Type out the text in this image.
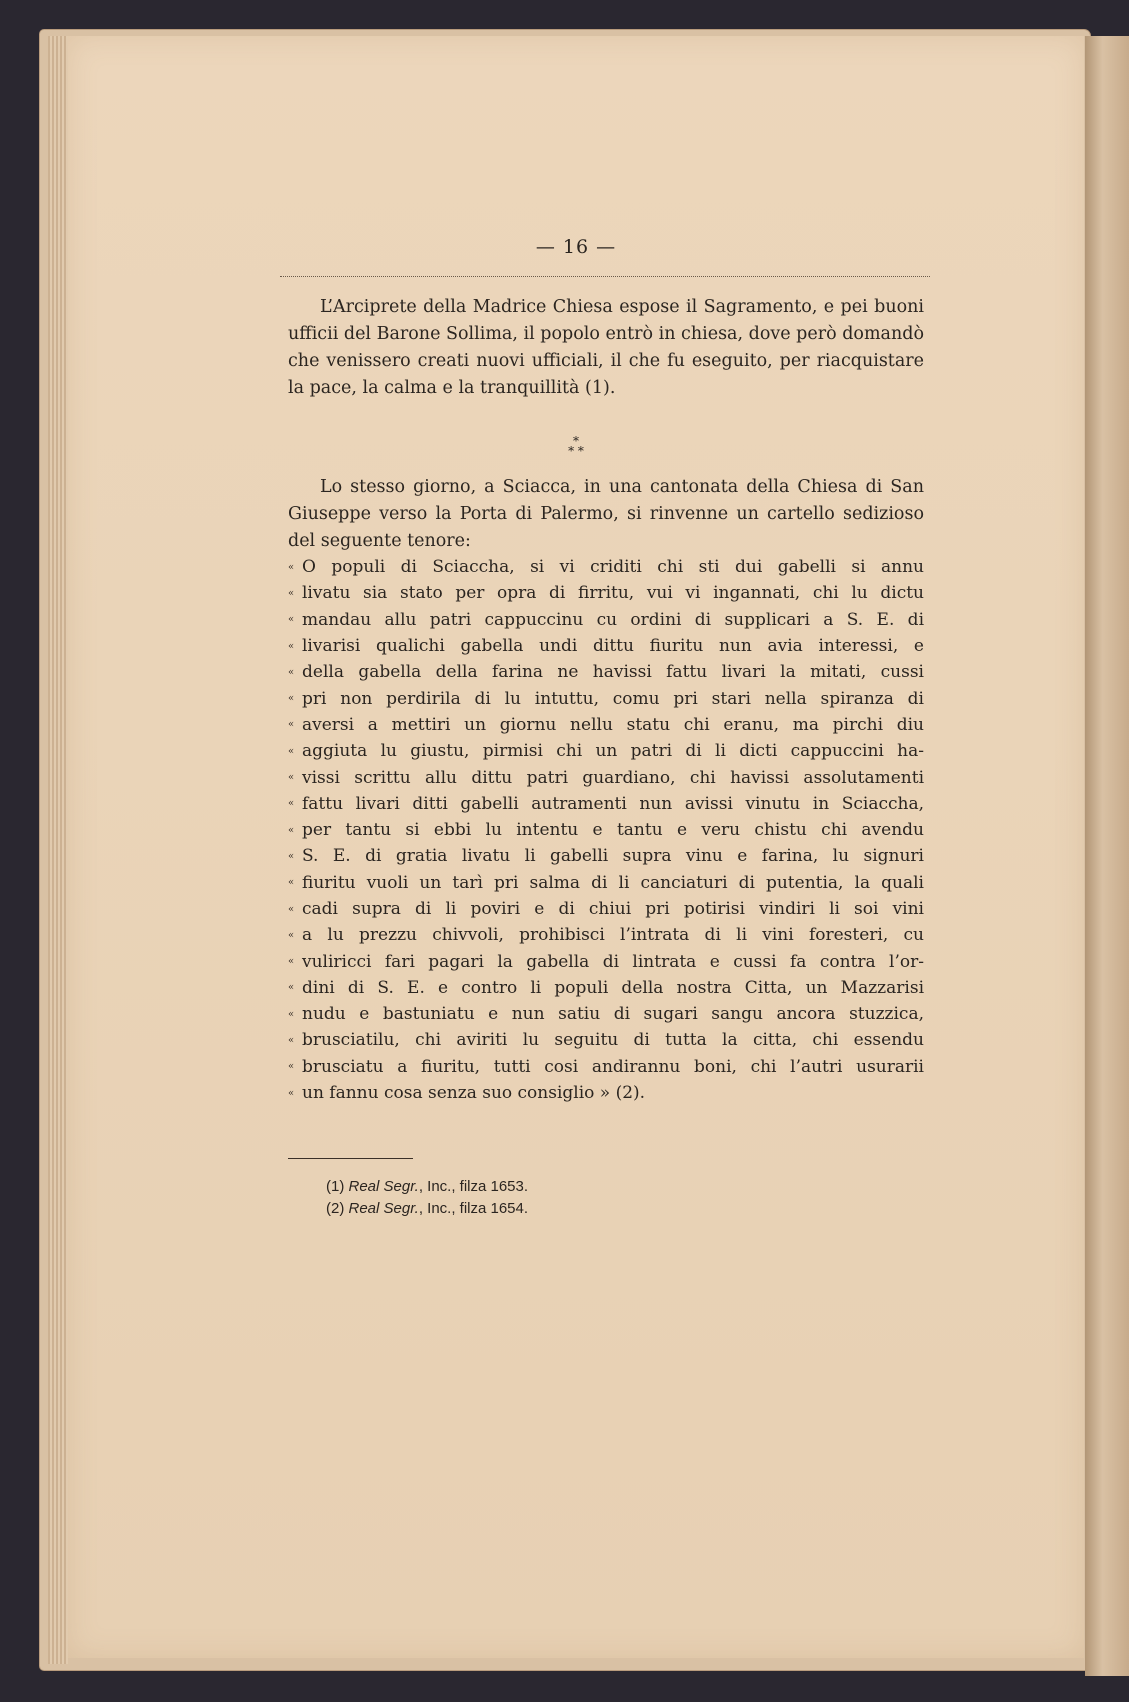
— 16 —

L’Arciprete della Madrice Chiesa espose il Sagramento, e pei buoni ufficii del Barone Sollima, il popolo entrò in chiesa, dove però domandò che venissero creati nuovi ufficiali, il che fu eseguito, per riacquistare la pace, la calma e la tranquillità (1).

*
* *

Lo stesso giorno, a Sciacca, in una cantonata della Chiesa di San Giuseppe verso la Porta di Palermo, si rinvenne un cartello sedizioso del seguente tenore:

« O populi di Sciaccha, si vi criditi chi sti dui gabelli si annu
« livatu sia stato per opra di firritu, vui vi ingannati, chi lu dictu
« mandau allu patri cappuccinu cu ordini di supplicari a S. E. di
« livarisi qualichi gabella undi dittu fiuritu nun avia interessi, e
« della gabella della farina ne havissi fattu livari la mitati, cussi
« pri non perdirila di lu intuttu, comu pri stari nella spiranza di
« aversi a mettiri un giornu nellu statu chi eranu, ma pirchi diu
« aggiuta lu giustu, pirmisi chi un patri di li dicti cappuccini ha-
« vissi scrittu allu dittu patri guardiano, chi havissi assolutamenti
« fattu livari ditti gabelli autramenti nun avissi vinutu in Sciaccha,
« per tantu si ebbi lu intentu e tantu e veru chistu chi avendu
« S. E. di gratia livatu li gabelli supra vinu e farina, lu signuri
« fiuritu vuoli un tarì pri salma di li canciaturi di putentia, la quali
« cadi supra di li poviri e di chiui pri potirisi vindiri li soi vini
« a lu prezzu chivvoli, prohibisci l’intrata di li vini foresteri, cu
« vuliricci fari pagari la gabella di lintrata e cussi fa contra l’or-
« dini di S. E. e contro li populi della nostra Citta, un Mazzarisi
« nudu e bastuniatu e nun satiu di sugari sangu ancora stuzzica,
« brusciatilu, chi aviriti lu seguitu di tutta la citta, chi essendu
« brusciatu a fiuritu, tutti cosi andirannu boni, chi l’autri usurarii
« un fannu cosa senza suo consiglio » (2).
(1) Real Segr., Inc., filza 1653.
(2) Real Segr., Inc., filza 1654.
